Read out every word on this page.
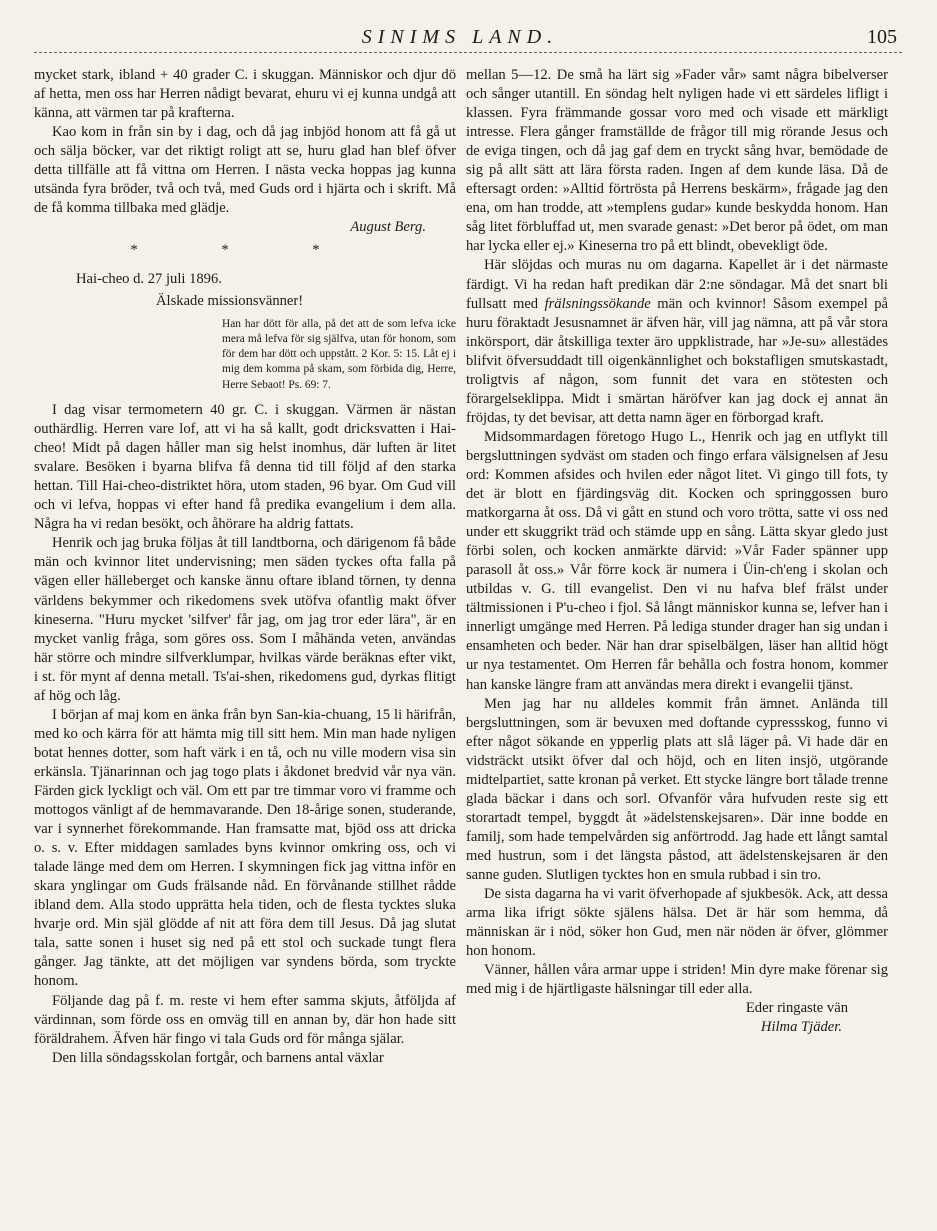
SINIMS LAND.	105

mycket stark, ibland + 40 grader C. i skuggan. Människor och djur dö af hetta, men oss har Herren nådigt bevarat, ehuru vi ej kunna undgå att känna, att värmen tar på krafterna.

Kao kom in från sin by i dag, och då jag inbjöd honom att få gå ut och sälja böcker, var det riktigt roligt att se, huru glad han blef öfver detta tillfälle att få vittna om Herren. I nästa vecka hoppas jag kunna utsända fyra bröder, två och två, med Guds ord i hjärta och i skrift. Må de få komma tillbaka med glädje.

August Berg.
* * *

Hai-cheo d. 27 juli 1896.

Älskade missionsvänner!

Han har dött för alla, på det att de som lefva icke mera må lefva för sig själfva, utan för honom, som för dem har dött och uppstått. 2 Kor. 5: 15. Låt ej i mig dem komma på skam, som förbida dig, Herre, Herre Sebaot! Ps. 69: 7.

I dag visar termometern 40 gr. C. i skuggan. Värmen är nästan outhärdlig. Herren vare lof, att vi ha så kallt, godt dricksvatten i Hai-cheo! Midt på dagen håller man sig helst inomhus, där luften är litet svalare. Besöken i byarna blifva få denna tid till följd af den starka hettan. Till Hai-cheo-distriktet höra, utom staden, 96 byar. Om Gud vill och vi lefva, hoppas vi efter hand få predika evangelium i dem alla. Några ha vi redan besökt, och åhörare ha aldrig fattats.

Henrik och jag bruka följas åt till landtborna, och därigenom få både män och kvinnor litet undervisning; men säden tyckes ofta falla på vägen eller hälleberget och kanske ännu oftare ibland törnen, ty denna världens bekymmer och rikedomens svek utöfva ofantlig makt öfver kineserna. "Huru mycket 'silfver' får jag, om jag tror eder lära", är en mycket vanlig fråga, som göres oss. Som I måhända veten, användas här större och mindre silfverklumpar, hvilkas värde beräknas efter vikt, i st. för mynt af denna metall. Ts'ai-shen, rikedomens gud, dyrkas flitigt af hög och låg.

I början af maj kom en änka från byn San-kia-chuang, 15 li härifrån, med ko och kärra för att hämta mig till sitt hem. Min man hade nyligen botat hennes dotter, som haft värk i en tå, och nu ville modern visa sin erkänsla. Tjänarinnan och jag togo plats i åkdonet bredvid vår nya vän. Färden gick lyckligt och väl. Om ett par tre timmar voro vi framme och mottogos vänligt af de hemmavarande. Den 18-årige sonen, studerande, var i synnerhet förekommande. Han framsatte mat, bjöd oss att dricka o. s. v. Efter middagen samlades byns kvinnor omkring oss, och vi talade länge med dem om Herren. I skymningen fick jag vittna inför en skara ynglingar om Guds frälsande nåd. En förvånande stillhet rådde ibland dem. Alla stodo upprätta hela tiden, och de flesta tycktes sluka hvarje ord. Min själ glödde af nit att föra dem till Jesus. Då jag slutat tala, satte sonen i huset sig ned på ett stol och suckade tungt flera gånger. Jag tänkte, att det möjligen var syndens börda, som tryckte honom.

Följande dag på f. m. reste vi hem efter samma skjuts, åtföljda af värdinnan, som förde oss en omväg till en annan by, där hon hade sitt föräldrahem. Äfven här fingo vi tala Guds ord för många själar.

Den lilla söndagsskolan fortgår, och barnens antal växlar

mellan 5—12. De små ha lärt sig »Fader vår» samt några bibelverser och sånger utantill. En söndag helt nyligen hade vi ett särdeles lifligt i klassen. Fyra främmande gossar voro med och visade ett märkligt intresse. Flera gånger framställde de frågor till mig rörande Jesus och de eviga tingen, och då jag gaf dem en tryckt sång hvar, bemödade de sig på allt sätt att lära första raden. Ingen af dem kunde läsa. Då de eftersagt orden: »Alltid förtrösta på Herrens beskärm», frågade jag den ena, om han trodde, att »templens gudar» kunde beskydda honom. Han såg litet förbluffad ut, men svarade genast: »Det beror på ödet, om man har lycka eller ej.» Kineserna tro på ett blindt, obevekligt öde.

Här slöjdas och muras nu om dagarna. Kapellet är i det närmaste färdigt. Vi ha redan haft predikan där 2:ne söndagar. Må det snart bli fullsatt med frälsningssökande män och kvinnor! Såsom exempel på huru föraktadt Jesusnamnet är äfven här, vill jag nämna, att på vår stora inkörsport, där åtskilliga texter äro uppklistrade, har »Je-su» allestädes blifvit öfversuddadt till oigenkännlighet och bokstafligen smutskastadt, troligtvis af någon, som funnit det vara en stötesten och förargelseklippa. Midt i smärtan häröfver kan jag dock ej annat än fröjdas, ty det bevisar, att detta namn äger en förborgad kraft.

Midsommardagen företogo Hugo L., Henrik och jag en utflykt till bergsluttningen sydväst om staden och fingo erfara välsignelsen af Jesu ord: Kommen afsides och hvilen eder något litet. Vi gingo till fots, ty det är blott en fjärdingsväg dit. Kocken och springgossen buro matkorgarna åt oss. Då vi gått en stund och voro trötta, satte vi oss ned under ett skuggrikt träd och stämde upp en sång. Lätta skyar gledo just förbi solen, och kocken anmärkte därvid: »Vår Fader spänner upp parasoll åt oss.» Vår förre kock är numera i Üin-ch'eng i skolan och utbildas v. G. till evangelist. Den vi nu hafva blef frälst under tältmissionen i P'u-cheo i fjol. Så långt människor kunna se, lefver han i innerligt umgänge med Herren. På ledigа stunder drager han sig undan i ensamheten och beder. När han drar spiselbälgen, läser han alltid högt ur nya testamentet. Om Herren får behålla och fostra honom, kommer han kanske längre fram att användas mera direkt i evangelii tjänst.

Men jag har nu alldeles kommit från ämnet. Anlända till bergsluttningen, som är bevuxen med doftande cypressskog, funno vi efter något sökande en ypperlig plats att slå läger på. Vi hade där en vidsträckt utsikt öfver dal och höjd, och en liten insjö, utgörande midtelpartiet, satte kronan på verket. Ett stycke längre bort tålade trenne glada bäckar i dans och sorl. Ofvanför våra hufvuden reste sig ett storartadt tempel, byggdt åt »ädelstenskejsaren». Där inne bodde en familj, som hade tempelvården sig anförtrodd. Jag hade ett långt samtal med hustrun, som i det längsta påstod, att ädelstenskejsaren är den sanne guden. Slutligen tycktes hon en smula rubbad i sin tro.

De sista dagarna ha vi varit öfverhopade af sjukbesök. Ack, att dessa arma lika ifrigt sökte själens hälsa. Det är här som hemma, då människan är i nöd, söker hon Gud, men när nöden är öfver, glömmer hon honom.

Vänner, hållen våra armar uppe i striden! Min dyre make förenar sig med mig i de hjärtligaste hälsningar till eder alla.

Eder ringaste vän

Hilma Tjäder.
